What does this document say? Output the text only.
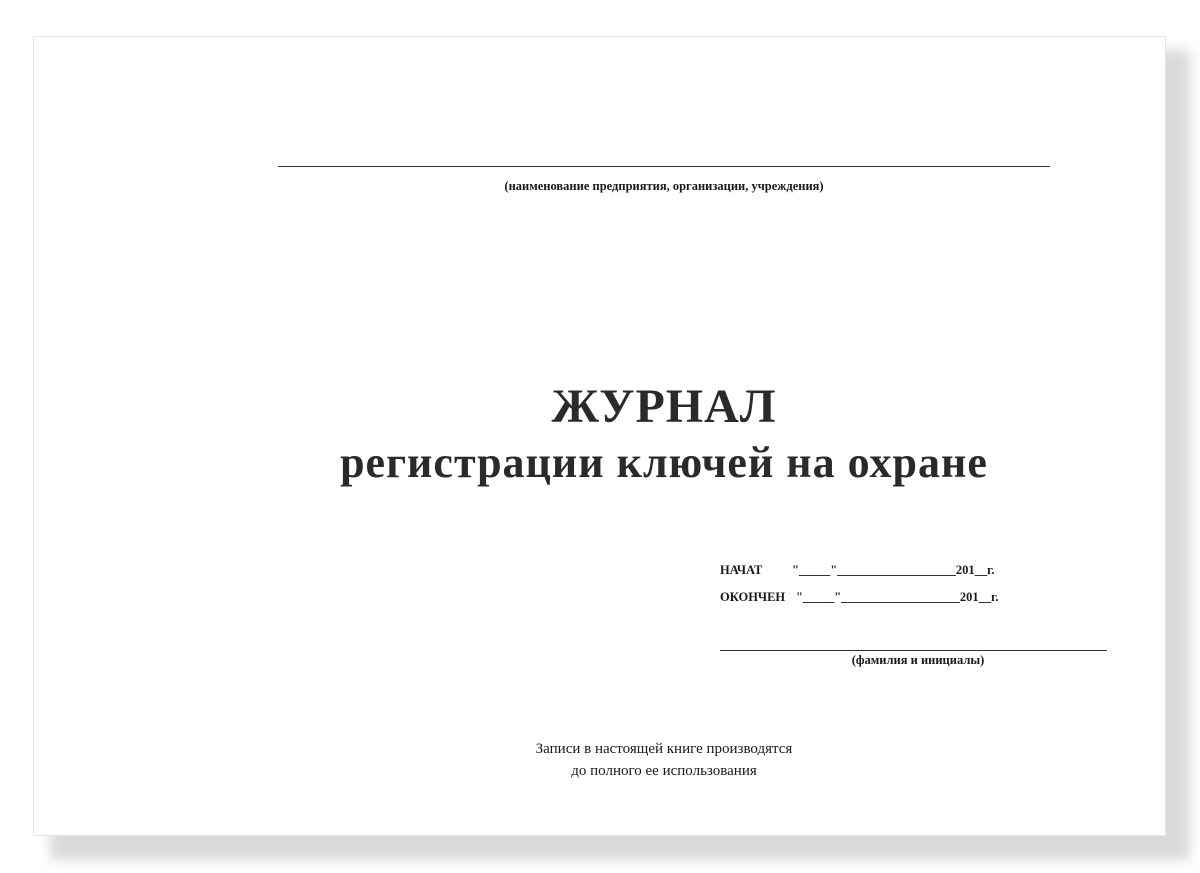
(наименование предприятия, организации, учреждения)
ЖУРНАЛ
регистрации ключей на охране
НАЧАТ "_____"___________________201__г.
ОКОНЧЕН "_____"___________________201__г.
(фамилия и инициалы)
Записи в настоящей книге производятся
до полного ее использования
